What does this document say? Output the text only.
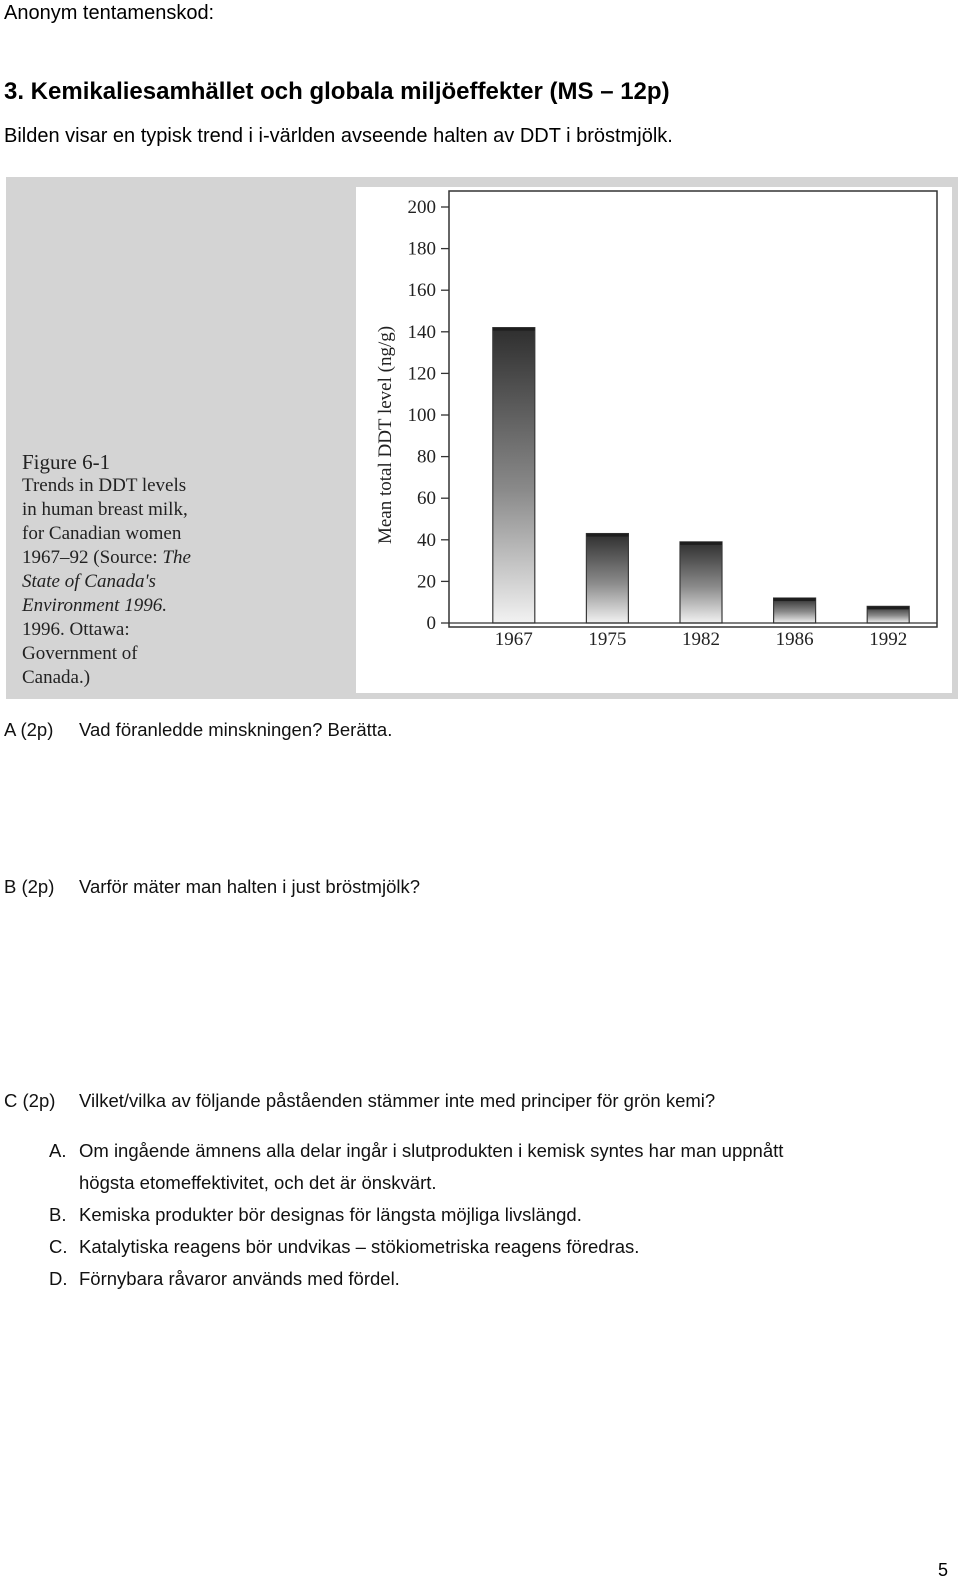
Anonym tentamenskod:
3. Kemikaliesamhället och globala miljöeffekter (MS – 12p)
Bilden visar en typisk trend i i-världen avseende halten av DDT i bröstmjölk.

Figure 6-1
Trends in DDT levels
in human breast milk,
for Canadian women
1967–92 (Source: The
State of Canada's
Environment 1996.
1996. Ottawa:
Government of
Canada.)
0
20
40
60
80
100
120
140
160
180
200
Mean total DDT level (ng/g)
1967	1975	1982	1986	1992
A (2p) Vad föranledde minskningen? Berätta.
B (2p) Varför mäter man halten i just bröstmjölk?
C (2p) Vilket/vilka av följande påståenden stämmer inte med principer för grön kemi?
A. Om ingående ämnens alla delar ingår i slutprodukten i kemisk syntes har man uppnått
högsta etomeffektivitet, och det är önskvärt.
B. Kemiska produkter bör designas för längsta möjliga livslängd.
C. Katalytiska reagens bör undvikas – stökiometriska reagens föredras.
D. Förnybara råvaror används med fördel.
5
